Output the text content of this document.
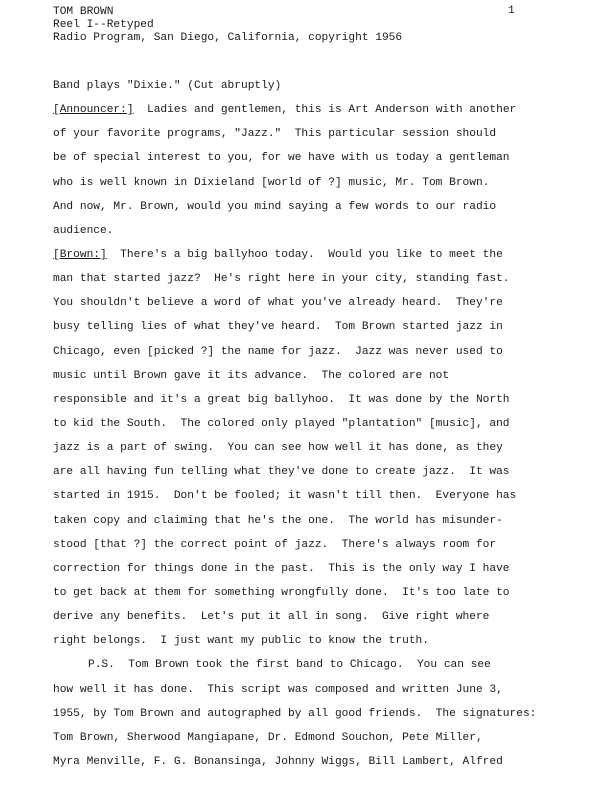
TOM BROWN
Reel I--Retyped
Radio Program, San Diego, California, copyright 1956
1
Band plays "Dixie." (Cut abruptly)
[Announcer:]  Ladies and gentlemen, this is Art Anderson with another
of your favorite programs, "Jazz."  This particular session should
be of special interest to you, for we have with us today a gentleman
who is well known in Dixieland [world of ?] music, Mr. Tom Brown.
And now, Mr. Brown, would you mind saying a few words to our radio
audience.
[Brown:]  There's a big ballyhoo today.  Would you like to meet the
man that started jazz?  He's right here in your city, standing fast.
You shouldn't believe a word of what you've already heard.  They're
busy telling lies of what they've heard.  Tom Brown started jazz in
Chicago, even [picked ?] the name for jazz.  Jazz was never used to
music until Brown gave it its advance.  The colored are not
responsible and it's a great big ballyhoo.  It was done by the North
to kid the South.  The colored only played "plantation" [music], and
jazz is a part of swing.  You can see how well it has done, as they
are all having fun telling what they've done to create jazz.  It was
started in 1915.  Don't be fooled; it wasn't till then.  Everyone has
taken copy and claiming that he's the one.  The world has misunder-
stood [that ?] the correct point of jazz.  There's always room for
correction for things done in the past.  This is the only way I have
to get back at them for something wrongfully done.  It's too late to
derive any benefits.  Let's put it all in song.  Give right where
right belongs.  I just want my public to know the truth.
P.S.  Tom Brown took the first band to Chicago.  You can see
how well it has done.  This script was composed and written June 3,
1955, by Tom Brown and autographed by all good friends.  The signatures:
Tom Brown, Sherwood Mangiapane, Dr. Edmond Souchon, Pete Miller,
Myra Menville, F. G. Bonansinga, Johnny Wiggs, Bill Lambert, Alfred
